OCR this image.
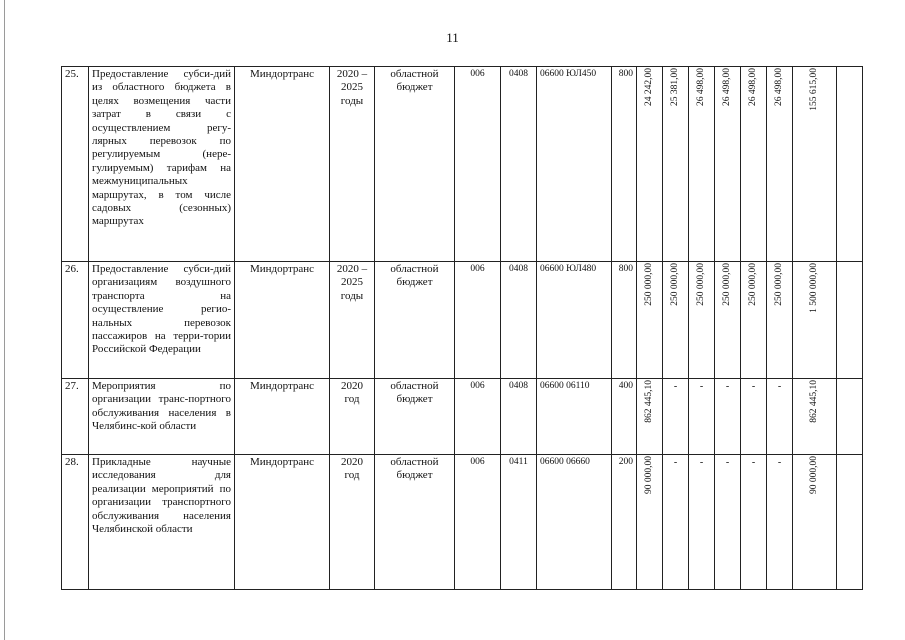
11
25.	Предоставление субси-дий из областного бюджета в целях возмещения части затрат в связи с осуществлением регу-лярных перевозок по регулируемым (нере-гулируемым) тарифам на межмуниципальных маршрутах, в том числе садовых (сезонных) маршрутах	Миндортранс	2020 – 2025 годы	областной бюджет	006	0408	06600 ЮЛ450	800	24 242,00	25 381,00	26 498,00	26 498,00	26 498,00	26 498,00	155 615,00	

26.	Предоставление субси-дий организациям воздушного транспорта на осуществление регио-нальных перевозок пассажиров на терри-тории Российской Федерации	Миндортранс	2020 – 2025 годы	областной бюджет	006	0408	06600 ЮЛ480	800	250 000,00	250 000,00	250 000,00	250 000,00	250 000,00	250 000,00	1 500 000,00	

27.	Мероприятия по организации транс-портного обслуживания населения в Челябинс-кой области	Миндортранс	2020 год	областной бюджет	006	0408	06600 06110	400	862 445,10	-	-	-	-	-	862 445,10	

28.	Прикладные научные исследования для реализации мероприятий по организации транспортного обслуживания населения Челябинской области	Миндортранс	2020 год	областной бюджет	006	0411	06600 06660	200	90 000,00	-	-	-	-	-	90 000,00	
